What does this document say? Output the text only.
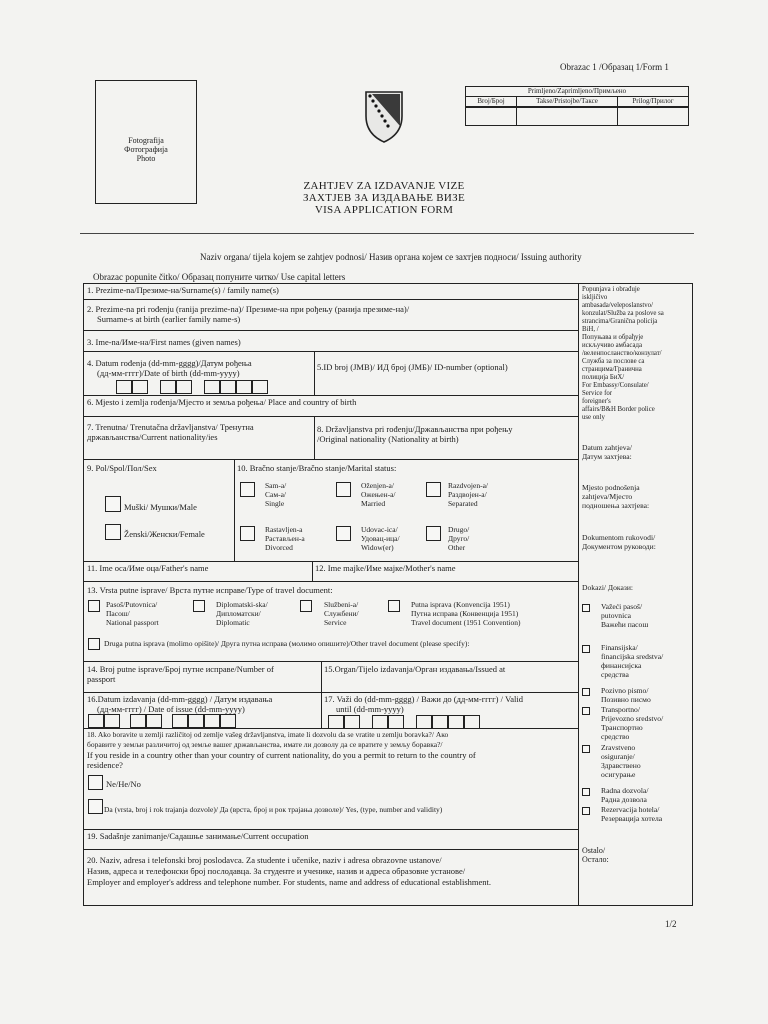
Obrazac 1 /Образац 1/Form 1
Fotografija
Фотографија
Photo
Primljeno/Zaprimljeno/Примљено
Broj/Број	Takse/Pristojbe/Таксе	Prilog/Прилог
ZAHTJEV ZA IZDAVANJE VIZE
ЗАХТЈЕВ ЗА ИЗДАВАЊЕ ВИЗЕ
VISA APPLICATION FORM
Naziv organa/ tijela kojem se zahtjev podnosi/ Назив органа којем се захтјев подноси/ Issuing authority
Obrazac popunite čitko/ Образац попуните читко/ Use capital letters
1. Prezime-na/Презиме-на/Surname(s) / family name(s)
2. Prezime-na pri rođenju (ranija prezime-na)/ Презиме-на при рођењу (ранија презиме-на)/
Surname-s at birth (earlier family name-s)
3. Ime-na/Име-на/First names (given names)
4. Datum rođenja (dd-mm-gggg)/Датум рођења
(дд-мм-гггг)/Date of birth (dd-mm-yyyy)
5.ID broj (JMB)/ ИД број (ЈМБ)/ ID-number (optional)
6. Mjesto i zemlja rođenja/Мјесто и земља рођења/ Place and country of birth
7. Trenutna/ Trenutačna državljanstva/ Тренутна
држављанства/Current nationality/ies
8. Državljanstva pri rođenju/Држављанства при рођењу
/Original nationality (Nationality at birth)
9. Pol/Spol/Пол/Sex
Muški/ Мушки/Male
Ženski/Женски/Female
10. Bračno stanje/Bračno stanje/Marital status:
Sam-a/
Сам-а/
Single
Oženjen-a/
Ожењен-а/
Married
Razdvojen-a/
Раздвојен-а/
Separated
Rastavljen-a
Растављен-а
Divorced
Udovac-ica/
Удовац-ица/
Widow(er)
Drugo/
Друго/
Other
11. Ime oca/Име оца/Father's name	12. Ime majke/Име мајке/Mother's name
13. Vrsta putne isprave/ Врста путне исправе/Type of travel document:
Pasoš/Putovnica/
Пасош/
National passport
Diplomatski-ska/
Дипломатски/
Diplomatic
Službeni-a/
Службени/
Service
Putna isprava (Konvencija 1951)
Путна исправа (Конвенција 1951)
Travel document (1951 Convention)
Druga putna isprava (molimo opišite)/ Друга путна исправа (молимо опишите)/Other travel document (please specify):
14. Broj putne isprave/Број путне исправе/Number of
passport
15.Organ/Tijelo izdavanja/Орган издавања/Issued at
16.Datum izdavanja (dd-mm-gggg) / Датум издавања
(дд-мм-гггг) / Date of issue (dd-mm-yyyy)
17. Važi do (dd-mm-gggg) / Важи до (дд-мм-гггг) / Valid
until (dd-mm-yyyy)
18. Ako boravite u zemlji različitoj od zemlje vašeg državljanstva, imate li dozvolu da se vratite u zemlju boravka?/ Ако
боравите у земљи различитој од земље вашег држављанства, имате ли дозволу да се вратите у земљу боравка?/
If you reside in a country other than your country of current nationality, do you a permit to return to the country of
residence?
Ne/Не/No
Da (vrsta, broj i rok trajanja dozvole)/ Да (врста, број и рок трајања дозволе)/ Yes, (type, number and validity)
19. Sadašnje zanimanje/Садашње занимање/Current occupation
20. Naziv, adresa i telefonski broj poslodavca. Za studente i učenike, naziv i adresa obrazovne ustanove/
Назив, адреса и телефонски број послодавца. За студенте и ученике, назив и адреса образовне установе/
Employer and employer's address and telephone number. For students, name and address of educational establishment.
Popunjava i obrađuje
iskljičivo
ambasada/veleposlanstvo/
konzulat/Služba za poslove sa
strancima/Granična policija
BiH, /
Попуњава и обрађује
искључиво амбасада
/веленпосланство/конзулат/
Служба за послове са
странцима/Гранична
полиција БиХ/
For Embassy/Consulate/
Service for
foreigner's
affairs/B&H Border police
use only
Datum zahtjeva/
Датум захтјева:
Mjesto podnošenja
zahtjeva/Мјесто
подношења захтјева:
Dokumentom rukovodi/
Документом руководи:
Dokazi/ Докази:
Važeći pasoš/
putovnica
Важећи пасош
Finansijska/
financijska sredstva/
финансијска
средства
Pozivno pismo/
Позивно писмо
Transportno/
Prijevozno sredstvo/
Транспортно
средство
Zravstveno
osiguranje/
Здравствено
осигурање
Radna dozvola/
Радна дозвола
Rezervacija hotela/
Резервација хотела
Ostalo/
Остало:
1/2
